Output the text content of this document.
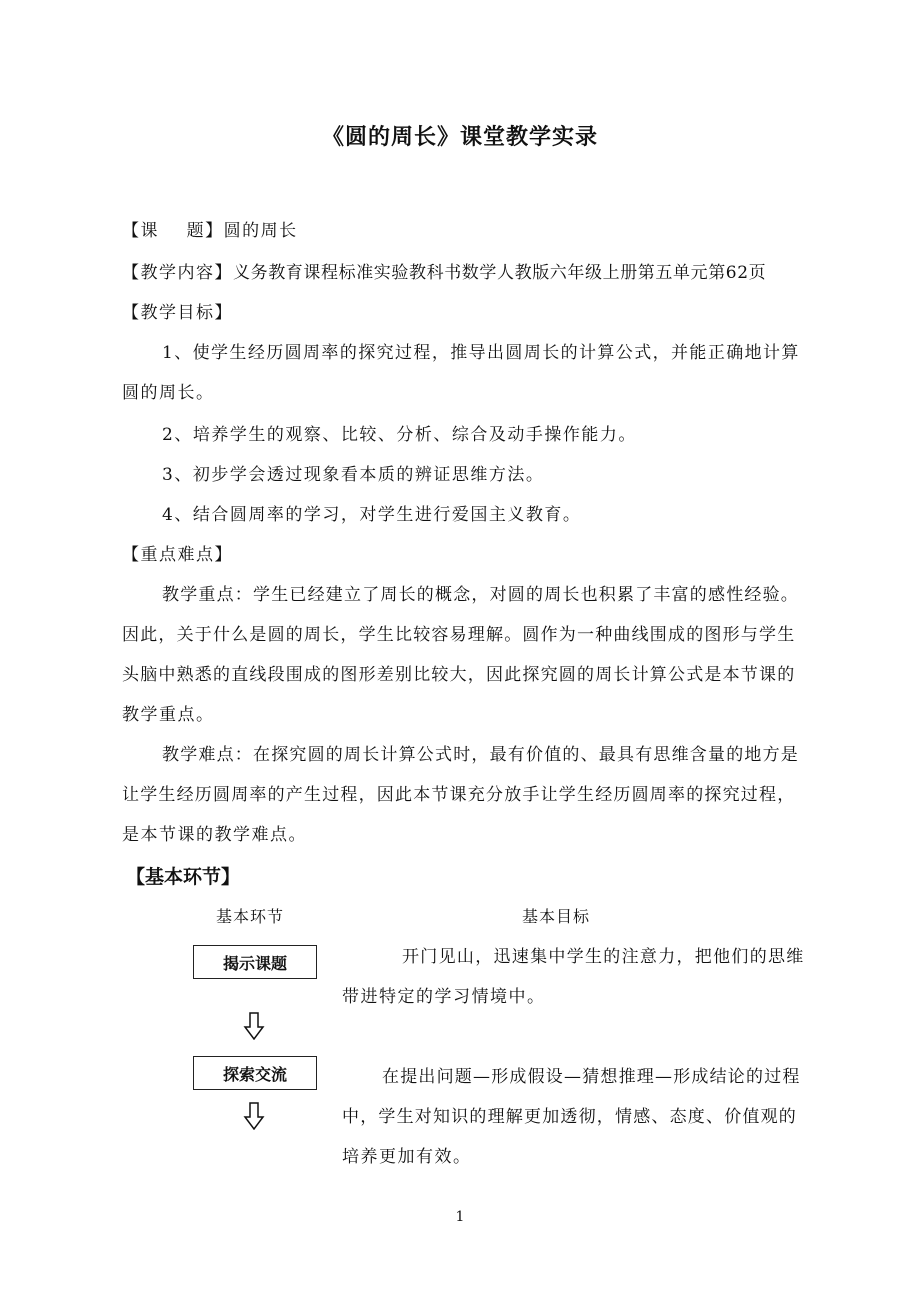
《圆的周长》课堂教学实录
【课    题】圆的周长
【教学内容】义务教育课程标准实验教科书数学人教版六年级上册第五单元第62页
【教学目标】
1、使学生经历圆周率的探究过程，推导出圆周长的计算公式，并能正确地计算
圆的周长。
2、培养学生的观察、比较、分析、综合及动手操作能力。
3、初步学会透过现象看本质的辨证思维方法。
4、结合圆周率的学习，对学生进行爱国主义教育。
【重点难点】
教学重点：学生已经建立了周长的概念，对圆的周长也积累了丰富的感性经验。
因此，关于什么是圆的周长，学生比较容易理解。圆作为一种曲线围成的图形与学生
头脑中熟悉的直线段围成的图形差别比较大，因此探究圆的周长计算公式是本节课的
教学重点。
教学难点：在探究圆的周长计算公式时，最有价值的、最具有思维含量的地方是
让学生经历圆周率的产生过程，因此本节课充分放手让学生经历圆周率的探究过程，
是本节课的教学难点。
【基本环节】
基本环节	基本目标
揭示课题	开门见山，迅速集中学生的注意力，把他们的思维
带进特定的学习情境中。
探索交流	在提出问题—形成假设—猜想推理—形成结论的过程
中，学生对知识的理解更加透彻，情感、态度、价值观的
培养更加有效。
1
